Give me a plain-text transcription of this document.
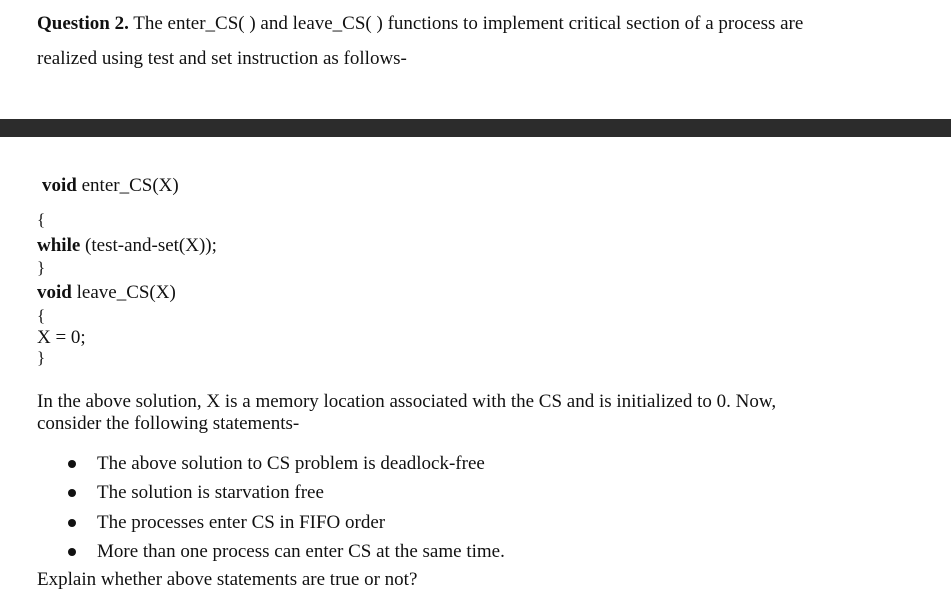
Question 2. The enter_CS( ) and leave_CS( ) functions to implement critical section of a process are
realized using test and set instruction as follows-
void enter_CS(X)
{
while (test-and-set(X));
}
void leave_CS(X)
{
X = 0;
}
In the above solution, X is a memory location associated with the CS and is initialized to 0. Now,
consider the following statements-
The above solution to CS problem is deadlock-free
The solution is starvation free
The processes enter CS in FIFO order
More than one process can enter CS at the same time.
Explain whether above statements are true or not?
